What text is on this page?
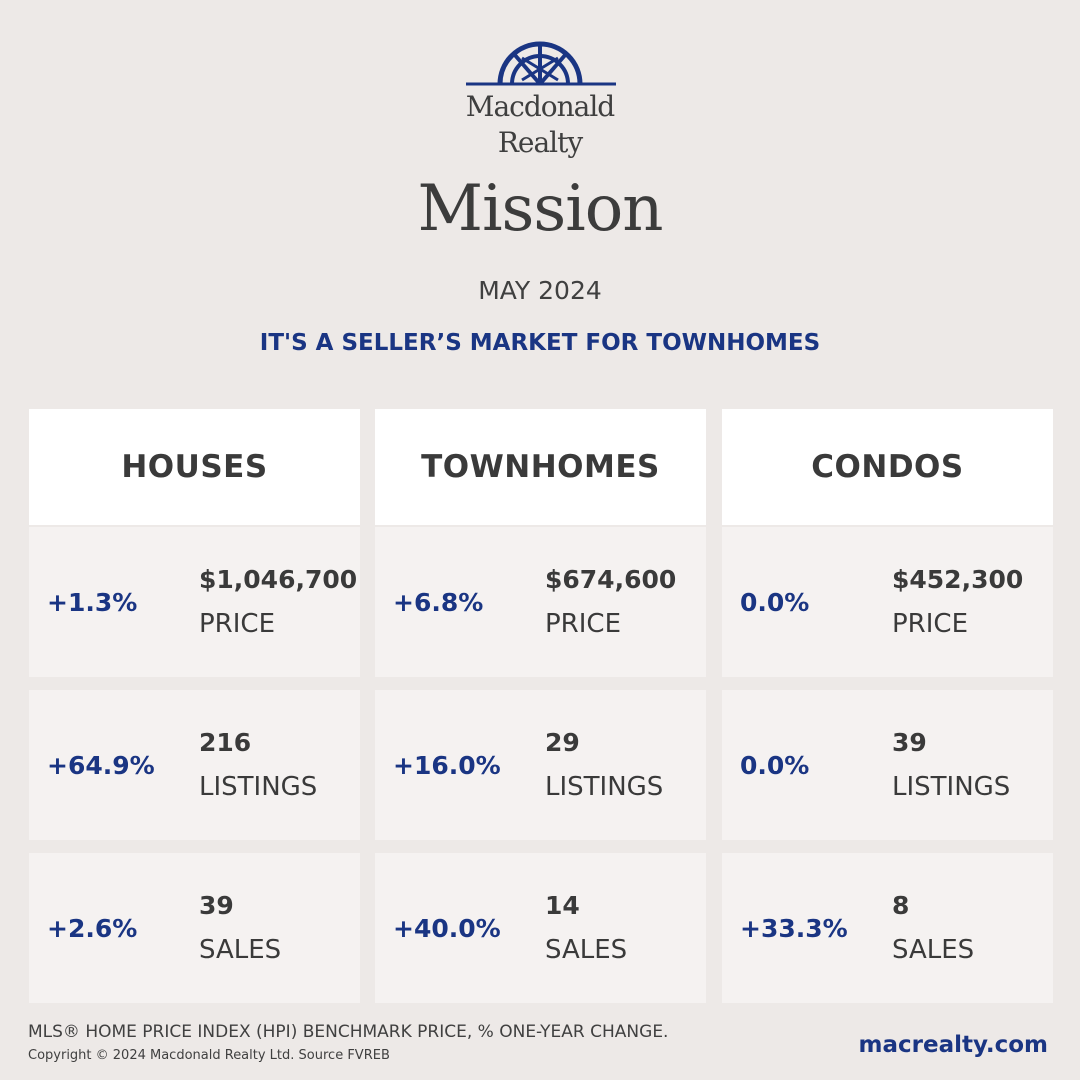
Macdonald
Realty
Mission
MAY 2024
IT'S A SELLER’S MARKET FOR TOWNHOMES
HOUSES
+1.3%
$1,046,700
PRICE
+64.9%
216
LISTINGS
+2.6%
39
SALES
TOWNHOMES
+6.8%
$674,600
PRICE
+16.0%
29
LISTINGS
+40.0%
14
SALES
CONDOS
0.0%
$452,300
PRICE
0.0%
39
LISTINGS
+33.3%
8
SALES
MLS® HOME PRICE INDEX (HPI) BENCHMARK PRICE, % ONE-YEAR CHANGE.
Copyright © 2024 Macdonald Realty Ltd. Source FVREB	macrealty.com
